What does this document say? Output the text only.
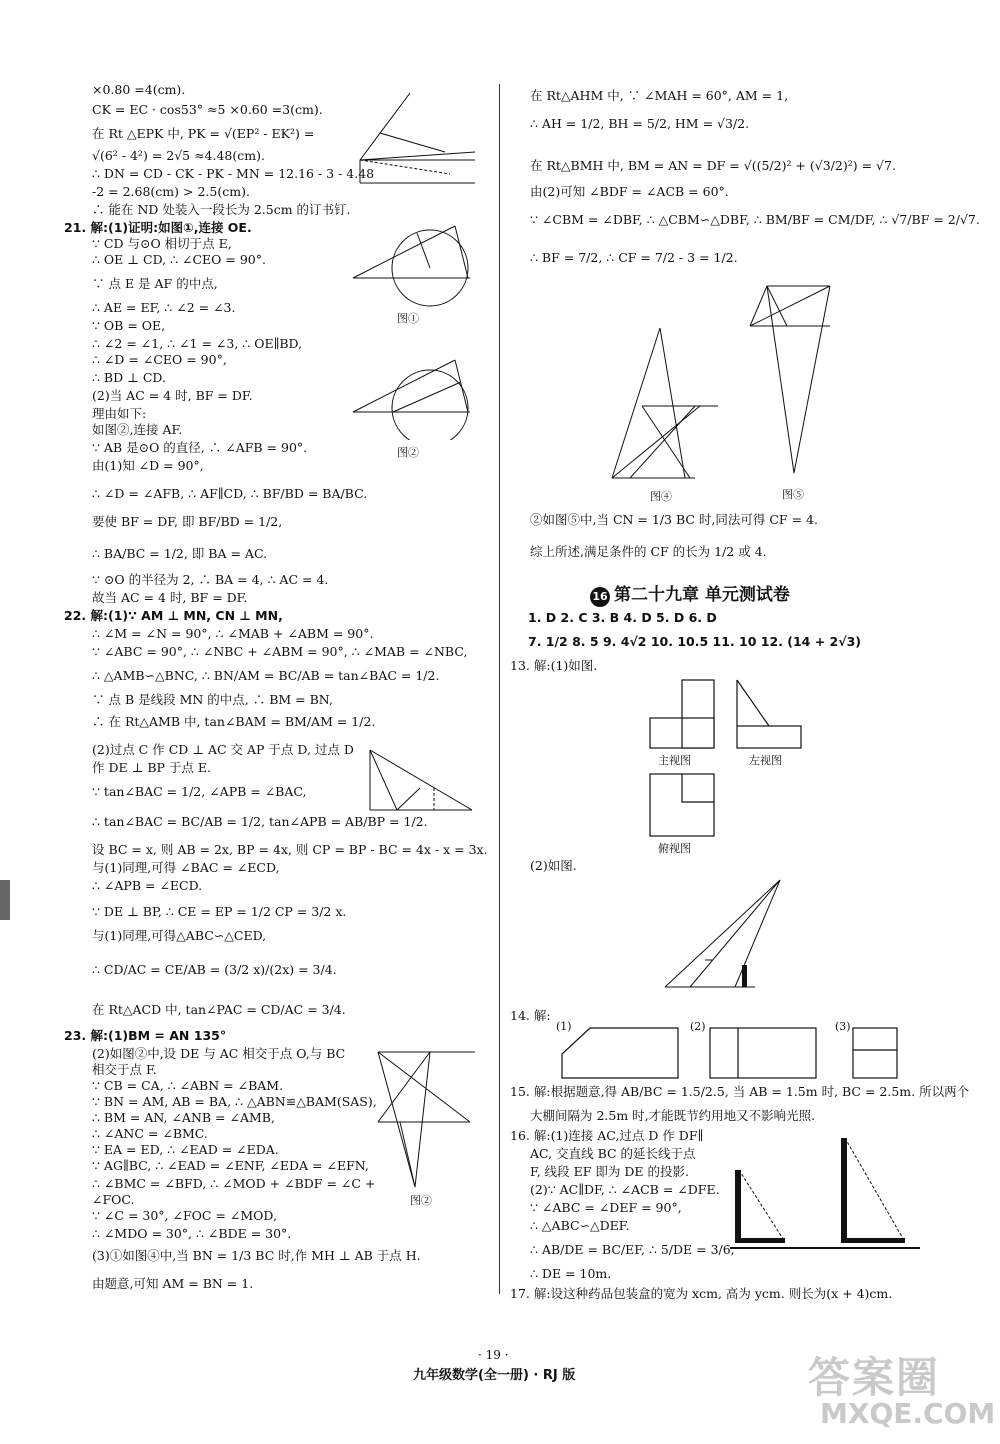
×0.80 =4(cm).
CK = EC · cos53° ≈5 ×0.60 =3(cm).
在 Rt △EPK 中, PK = √(EP² - EK²) =
√(6² - 4²) = 2√5 ≈4.48(cm).
∴ DN = CD - CK - PK - MN = 12.16 - 3 - 4.48
-2 = 2.68(cm) > 2.5(cm).
∴ 能在 ND 处装入一段长为 2.5cm 的订书钉.
21. 解:(1)证明:如图①,连接 OE.
∵ CD 与⊙O 相切于点 E,
∴ OE ⊥ CD, ∴ ∠CEO = 90°.
∵ 点 E 是 AF 的中点,
∴ AE = EF, ∴ ∠2 = ∠3.
∵ OB = OE,
∴ ∠2 = ∠1, ∴ ∠1 = ∠3, ∴ OE∥BD,
∴ ∠D = ∠CEO = 90°,
∴ BD ⊥ CD.
(2)当 AC = 4 时, BF = DF.
理由如下:
如图②,连接 AF.
∵ AB 是⊙O 的直径, ∴ ∠AFB = 90°.
由(1)知 ∠D = 90°,
∴ ∠D = ∠AFB, ∴ AF∥CD, ∴ BF/BD = BA/BC.
要使 BF = DF, 即 BF/BD = 1/2,
∴ BA/BC = 1/2, 即 BA = AC.
∵ ⊙O 的半径为 2, ∴ BA = 4, ∴ AC = 4.
故当 AC = 4 时, BF = DF.
22. 解:(1)∵ AM ⊥ MN, CN ⊥ MN,
∴ ∠M = ∠N = 90°, ∴ ∠MAB + ∠ABM = 90°.
∵ ∠ABC = 90°, ∴ ∠NBC + ∠ABM = 90°, ∴ ∠MAB = ∠NBC,
∴ △AMB∽△BNC, ∴ BN/AM = BC/AB = tan∠BAC = 1/2.
∵ 点 B 是线段 MN 的中点, ∴ BM = BN,
∴ 在 Rt△AMB 中, tan∠BAM = BM/AM = 1/2.
(2)过点 C 作 CD ⊥ AC 交 AP 于点 D, 过点 D
作 DE ⊥ BP 于点 E.
∵ tan∠BAC = 1/2, ∠APB = ∠BAC,
∴ tan∠BAC = BC/AB = 1/2, tan∠APB = AB/BP = 1/2.
设 BC = x, 则 AB = 2x, BP = 4x, 则 CP = BP - BC = 4x - x = 3x.
与(1)同理,可得 ∠BAC = ∠ECD,
∴ ∠APB = ∠ECD.
∵ DE ⊥ BP, ∴ CE = EP = 1/2 CP = 3/2 x.
与(1)同理,可得△ABC∽△CED,
∴ CD/AC = CE/AB = (3/2 x)/(2x) = 3/4.
在 Rt△ACD 中, tan∠PAC = CD/AC = 3/4.
23. 解:(1)BM = AN 135°
(2)如图②中,设 DE 与 AC 相交于点 O,与 BC
相交于点 F.
∵ CB = CA, ∴ ∠ABN = ∠BAM.
∵ BN = AM, AB = BA, ∴ △ABN≌△BAM(SAS),
∴ BM = AN, ∠ANB = ∠AMB,
∴ ∠ANC = ∠BMC.
∵ EA = ED, ∴ ∠EAD = ∠EDA.
∵ AG∥BC, ∴ ∠EAD = ∠ENF, ∠EDA = ∠EFN,
∴ ∠BMC = ∠BFD, ∴ ∠MOD + ∠BDF = ∠C +
∠FOC.
∵ ∠C = 30°, ∠FOC = ∠MOD,
∴ ∠MDO = 30°, ∴ ∠BDE = 30°.
(3)①如图④中,当 BN = 1/3 BC 时,作 MH ⊥ AB 于点 H.
由题意,可知 AM = BN = 1.
图①
图②
图②
在 Rt△AHM 中, ∵ ∠MAH = 60°, AM = 1,
∴ AH = 1/2, BH = 5/2, HM = √3/2.
在 Rt△BMH 中, BM = AN = DF = √((5/2)² + (√3/2)²) = √7.
由(2)可知 ∠BDF = ∠ACB = 60°.
∵ ∠CBM = ∠DBF, ∴ △CBM∽△DBF, ∴ BM/BF = CM/DF, ∴ √7/BF = 2/√7.
∴ BF = 7/2, ∴ CF = 7/2 - 3 = 1/2.
②如图⑤中,当 CN = 1/3 BC 时,同法可得 CF = 4.
综上所述,满足条件的 CF 的长为 1/2 或 4.
1. D 2. C 3. B 4. D 5. D 6. D
7. 1/2 8. 5 9. 4√2 10. 10.5 11. 10 12. (14 + 2√3)
13. 解:(1)如图.
(2)如图.
14. 解:
15. 解:根据题意,得 AB/BC = 1.5/2.5, 当 AB = 1.5m 时, BC = 2.5m. 所以两个
大棚间隔为 2.5m 时,才能既节约用地又不影响光照.
16. 解:(1)连接 AC,过点 D 作 DF∥
AC, 交直线 BC 的延长线于点
F, 线段 EF 即为 DE 的投影.
(2)∵ AC∥DF, ∴ ∠ACB = ∠DFE.
∵ ∠ABC = ∠DEF = 90°,
∴ △ABC∽△DEF.
∴ AB/DE = BC/EF, ∴ 5/DE = 3/6,
∴ DE = 10m.
17. 解:设这种药品包装盒的宽为 xcm, 高为 ycm. 则长为(x + 4)cm.
图④	图⑤
16 第二十九章 单元测试卷
主视图	左视图
俯视图
(1)	(2)	(3)
· 19 ·
九年级数学(全一册) · RJ 版	答案圈
MXQE.COM
